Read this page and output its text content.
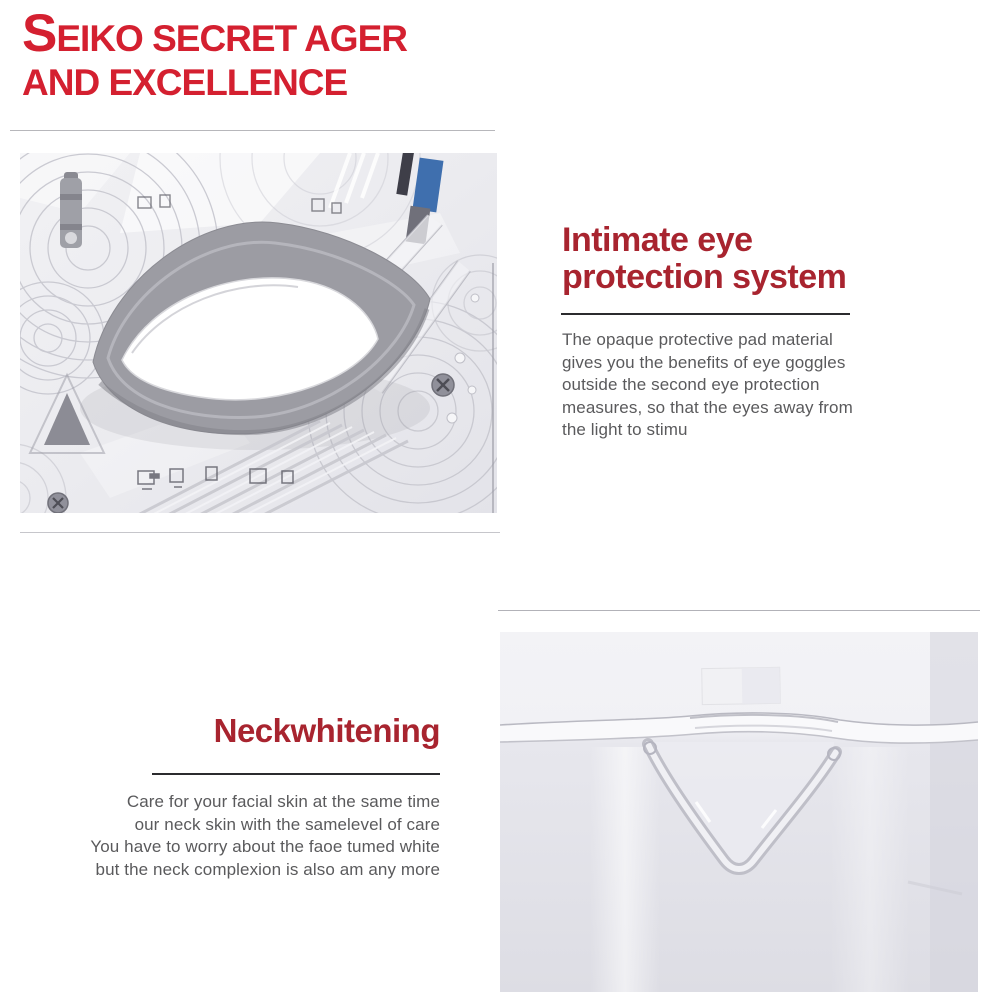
SEIKO SECRET AGER
AND EXCELLENCE
Intimate eye
protection system
The opaque protective pad material
gives you the benefits of eye goggles
outside the second eye protection
measures, so that the eyes away from
the light to stimu
Neckwhitening
Care for your facial skin at the same time
our neck skin with the samelevel of care
You have to worry about the faoe tumed white
but the neck complexion is also am any more
